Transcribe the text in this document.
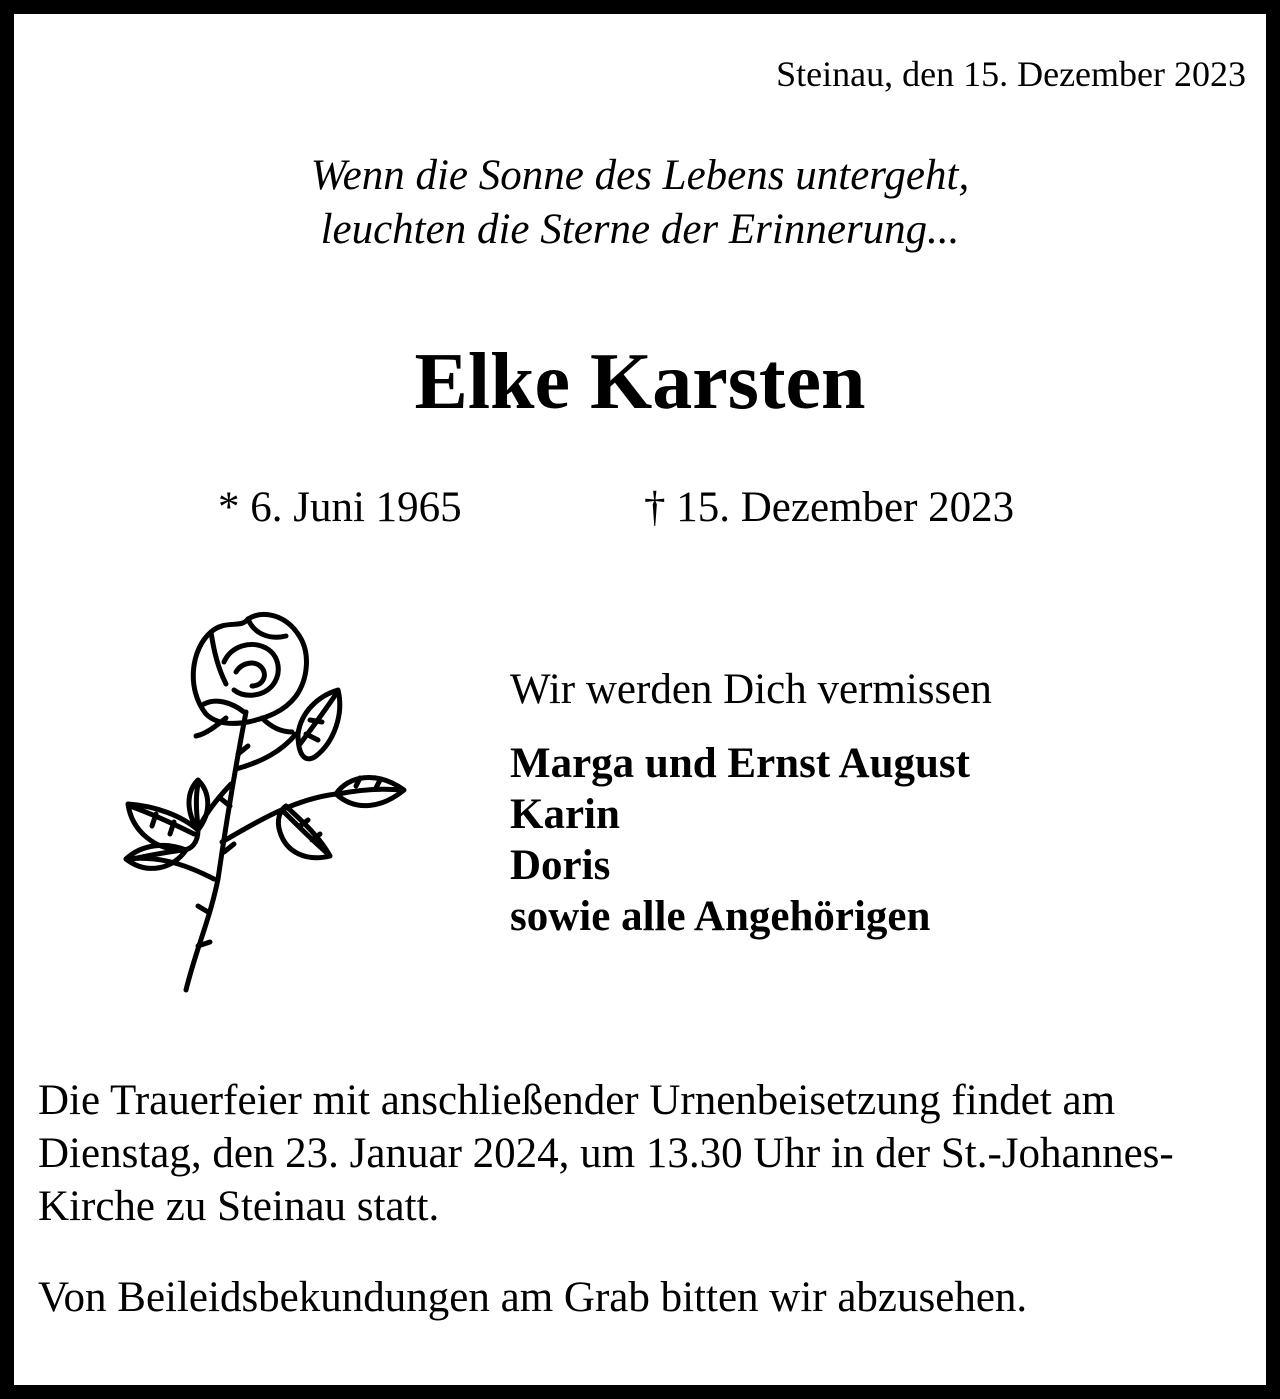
Steinau, den 15. Dezember 2023
Wenn die Sonne des Lebens untergeht,
leuchten die Sterne der Erinnerung...
Elke Karsten
* 6. Juni 1965	† 15. Dezember 2023
Wir werden Dich vermissen
Marga und Ernst August
Karin
Doris
sowie alle Angehörigen
Die Trauerfeier mit anschließender Urnenbeisetzung findet am Dienstag, den 23. Januar 2024, um 13.30 Uhr in der St.-Johannes-Kirche zu Steinau statt.
Von Beileidsbekundungen am Grab bitten wir abzusehen.
